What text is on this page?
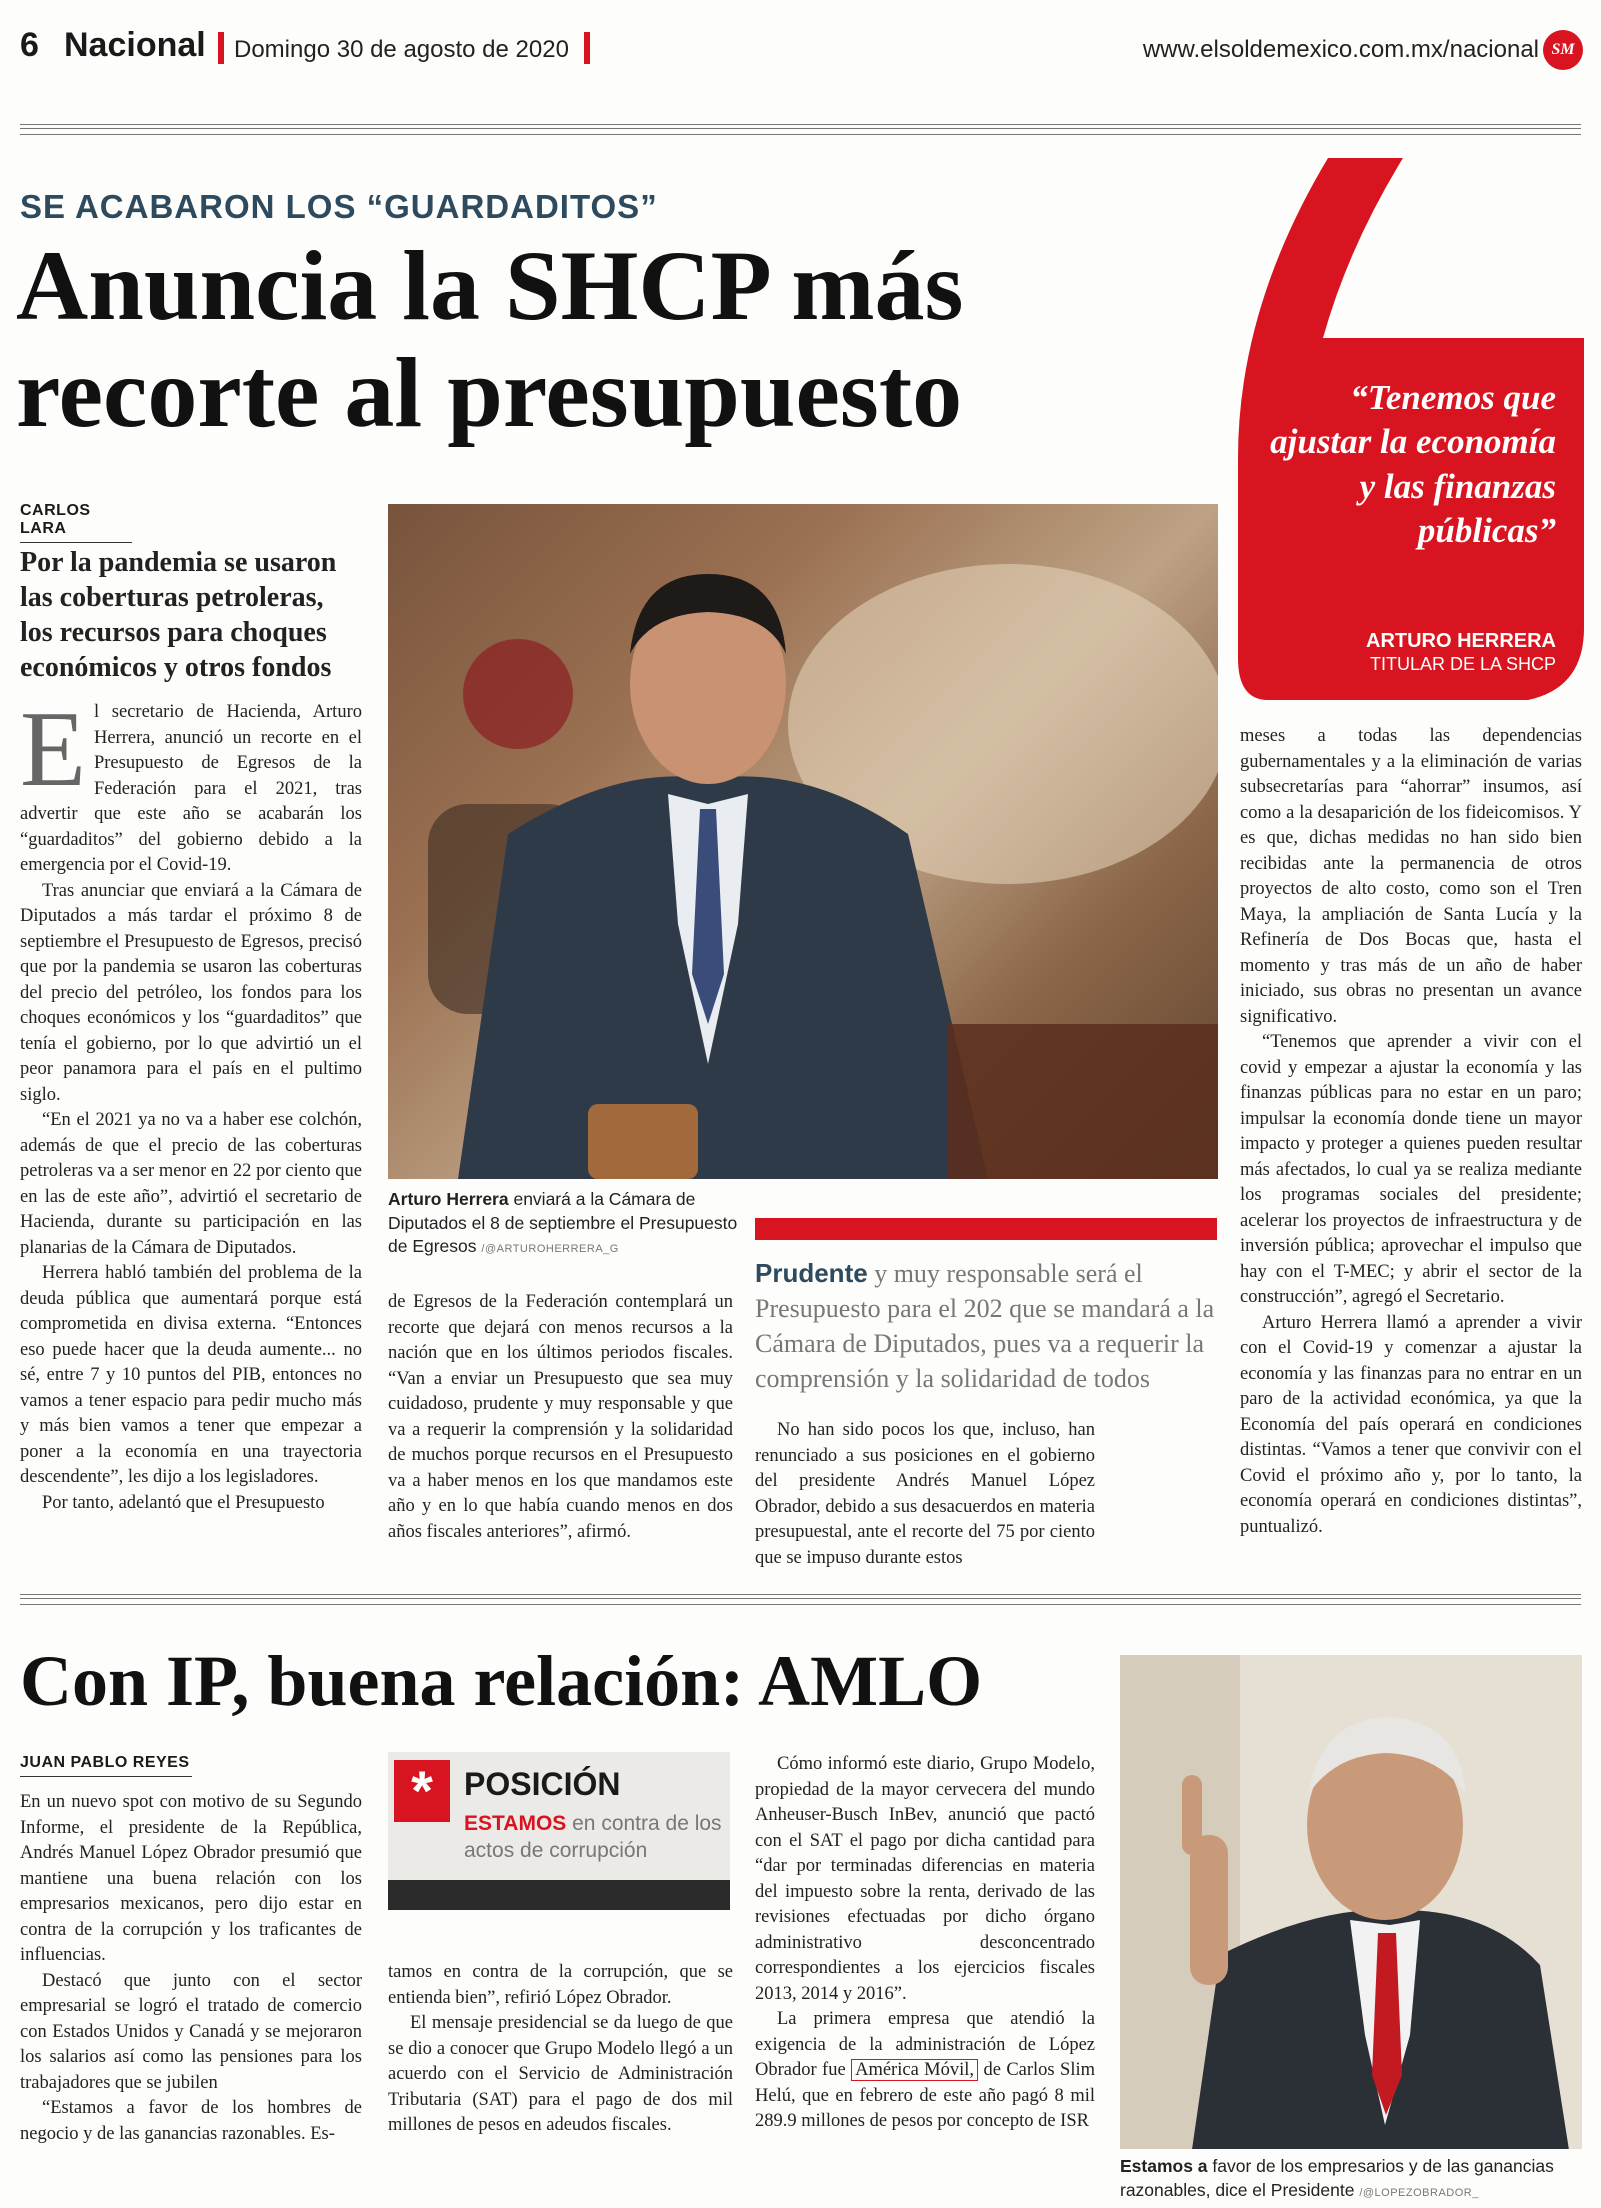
6 Nacional Domingo 30 de agosto de 2020	www.elsoldemexico.com.mx/nacional SM
SE ACABARON LOS “GUARDADITOS”
Anuncia la SHCP más
recorte al presupuesto
CARLOS LARA
Por la pandemia se usaron las coberturas petroleras, los recursos para choques económicos y otros fondos

El secretario de Hacienda, Arturo Herrera, anunció un recorte en el Presupuesto de Egresos de la Federación para el 2021, tras advertir que este año se acabarán los “guardaditos” del gobierno debido a la emergencia por el Covid-19.

Tras anunciar que enviará a la Cámara de Diputados a más tardar el próximo 8 de septiembre el Presupuesto de Egresos, precisó que por la pandemia se usaron las coberturas del precio del petróleo, los fondos para los choques económicos y los “guardaditos” que tenía el gobierno, por lo que advirtió un el peor panamora para el país en el pultimo siglo.

“En el 2021 ya no va a haber ese colchón, además de que el precio de las coberturas petroleras va a ser menor en 22 por ciento que en las de este año”, advirtió el secretario de Hacienda, durante su participación en las planarias de la Cámara de Diputados.

Herrera habló también del problema de la deuda pública que aumentará porque está comprometida en divisa externa. “Entonces eso puede hacer que la deuda aumente... no sé, entre 7 y 10 puntos del PIB, entonces no vamos a tener espacio para pedir mucho más y más bien vamos a tener que empezar a poner a la economía en una trayectoria descendente”, les dijo a los legisladores.

Por tanto, adelantó que el Presupuesto

Arturo Herrera enviará a la Cámara de Diputados el 8 de septiembre el Presupuesto de Egresos /@ARTUROHERRERA_G

de Egresos de la Federación contemplará un recorte que dejará con menos recursos a la nación que en los últimos periodos fiscales. “Van a enviar un Presupuesto que sea muy cuidadoso, prudente y muy responsable y que va a requerir la comprensión y la solidaridad de muchos porque recursos en el Presupuesto va a haber menos en los que mandamos este año y en lo que había cuando menos en dos años fiscales anteriores”, afirmó.

Prudente y muy responsable será el Presupuesto para el 202 que se mandará a la Cámara de Diputados, pues va a requerir la comprensión y la solidaridad de todos

No han sido pocos los que, incluso, han renunciado a sus posiciones en el gobierno del presidente Andrés Manuel López Obrador, debido a sus desacuerdos en materia presupuestal, ante el recorte del 75 por ciento que se impuso durante estos

meses a todas las dependencias gubernamentales y a la eliminación de varias subsecretarías para “ahorrar” insumos, así como a la desaparición de los fideicomisos. Y es que, dichas medidas no han sido bien recibidas ante la permanencia de otros proyectos de alto costo, como son el Tren Maya, la ampliación de Santa Lucía y la Refinería de Dos Bocas que, hasta el momento y tras más de un año de haber iniciado, sus obras no presentan un avance significativo.

“Tenemos que aprender a vivir con el covid y empezar a ajustar la economía y las finanzas públicas para no estar en un paro; impulsar la economía donde tiene un mayor impacto y proteger a quienes pueden resultar más afectados, lo cual ya se realiza mediante los programas sociales del presidente; acelerar los proyectos de infraestructura y de inversión pública; aprovechar el impulso que hay con el T-MEC; y abrir el sector de la construcción”, agregó el Secretario.

Arturo Herrera llamó a aprender a vivir con el Covid-19 y comenzar a ajustar la economía y las finanzas para no entrar en un paro de la actividad económica, ya que la Economía del país operará en condiciones distintas. “Vamos a tener que convivir con el Covid el próximo año y, por lo tanto, la economía operará en condiciones distintas”, puntualizó.

“Tenemos que ajustar la economía y las finanzas públicas”
ARTURO HERRERA
TITULAR DE LA SHCP
Con IP, buena relación: AMLO
JUAN PABLO REYES

En un nuevo spot con motivo de su Segundo Informe, el presidente de la República, Andrés Manuel López Obrador presumió que mantiene una buena relación con los empresarios mexicanos, pero dijo estar en contra de la corrupción y los traficantes de influencias.

Destacó que junto con el sector empresarial se logró el tratado de comercio con Estados Unidos y Canadá y se mejoraron los salarios así como las pensiones para los trabajadores que se jubilen

“Estamos a favor de los hombres de negocio y de las ganancias razonables. Es-

* POSICIÓN
ESTAMOS en contra de los actos de corrupción

tamos en contra de la corrupción, que se entienda bien”, refirió López Obrador.

El mensaje presidencial se da luego de que se dio a conocer que Grupo Modelo llegó a un acuerdo con el Servicio de Administración Tributaria (SAT) para el pago de dos mil millones de pesos en adeudos fiscales.

Cómo informó este diario, Grupo Modelo, propiedad de la mayor cervecera del mundo Anheuser-Busch InBev, anunció que pactó con el SAT el pago por dicha cantidad para “dar por terminadas diferencias en materia del impuesto sobre la renta, derivado de las revisiones efectuadas por dicho órgano administrativo desconcentrado correspondientes a los ejercicios fiscales 2013, 2014 y 2016”.

La primera empresa que atendió la exigencia de la administración de López Obrador fue América Móvil, de Carlos Slim Helú, que en febrero de este año pagó 8 mil 289.9 millones de pesos por concepto de ISR

Estamos a favor de los empresarios y de las ganancias razonables, dice el Presidente /@LOPEZOBRADOR_
